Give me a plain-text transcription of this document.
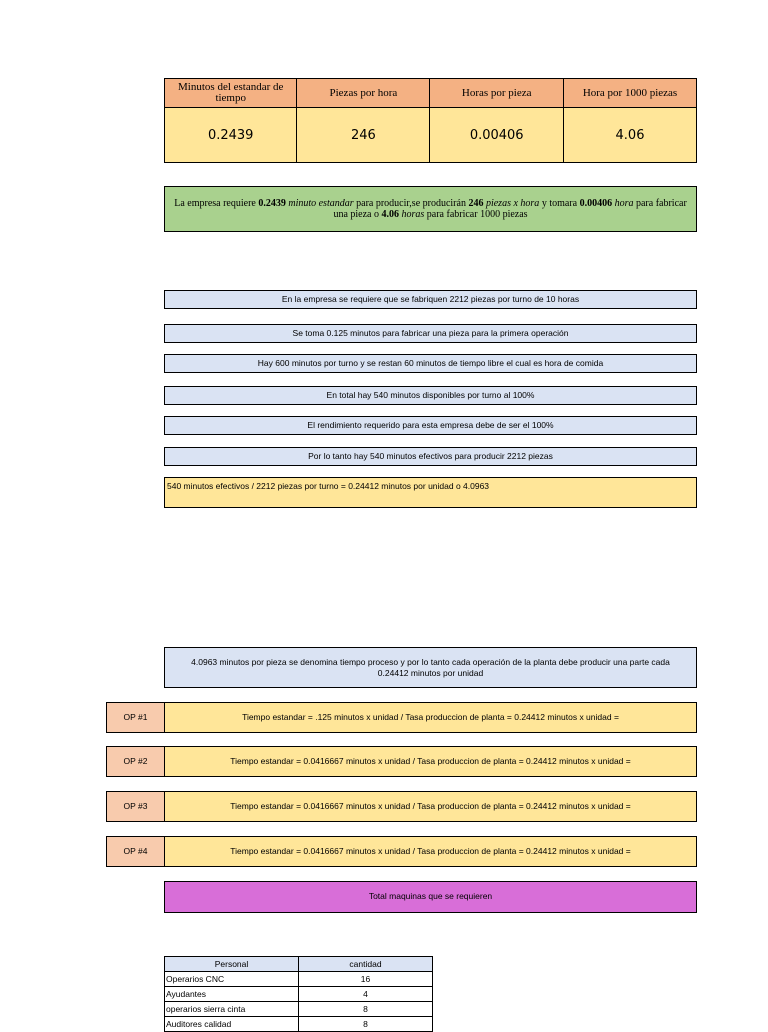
Minutos del estandar de tiempo	Piezas por hora	Horas por pieza	Hora por 1000 piezas
0.2439	246	0.00406	4.06
La empresa requiere 0.2439 minuto estandar para producir,se producirán 246 piezas x hora y tomara 0.00406 hora para fabricar una pieza o 4.06 horas para fabricar 1000 piezas
En la empresa se requiere que se fabriquen 2212 piezas por turno de 10 horas
Se toma 0.125 minutos para fabricar una pieza para la primera operación
Hay 600 minutos por turno y se restan 60 minutos de tiempo libre el cual es hora de comida
En total hay 540 minutos disponibles por turno al 100%
El rendimiento requerido para esta empresa debe de ser el 100%
Por lo tanto hay 540 minutos efectivos para producir 2212 piezas
540 minutos efectivos / 2212 piezas por turno = 0.24412 minutos por unidad o 4.0963
4.0963 minutos por pieza se denomina tiempo proceso y por lo tanto cada operación de la planta debe producir una parte cada 0.24412 minutos por unidad
OP #1	Tiempo estandar = .125 minutos x unidad / Tasa produccion de planta = 0.24412 minutos x unidad =
OP #2	Tiempo estandar = 0.0416667 minutos x unidad / Tasa produccion de planta = 0.24412 minutos x unidad =
OP #3	Tiempo estandar = 0.0416667 minutos x unidad / Tasa produccion de planta = 0.24412 minutos x unidad =
OP #4	Tiempo estandar = 0.0416667 minutos x unidad / Tasa produccion de planta = 0.24412 minutos x unidad =
Total maquinas que se requieren
Personal	cantidad
Operarios CNC	16
Ayudantes	4
operarios sierra cinta	8
Auditores calidad	8
